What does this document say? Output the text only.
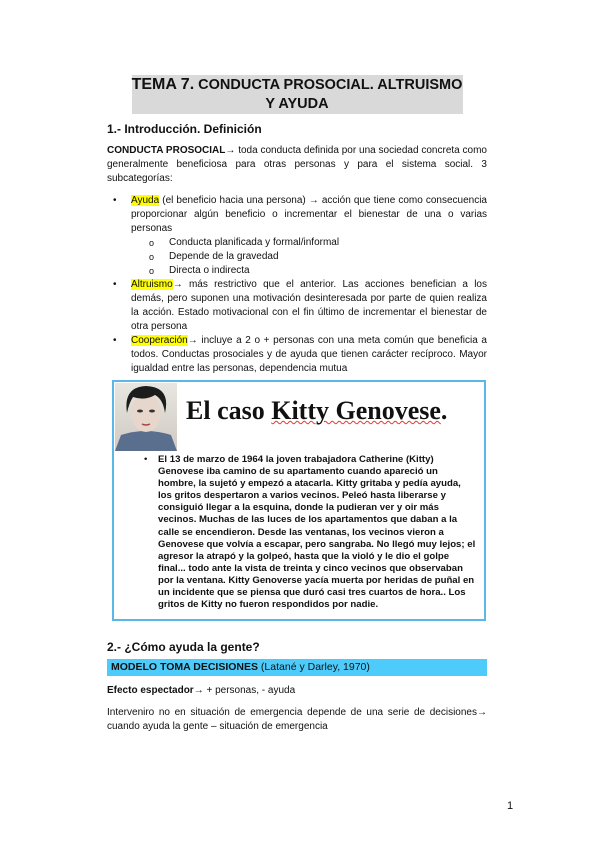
TEMA 7. CONDUCTA PROSOCIAL. ALTRUISMO Y AYUDA
1.- Introducción. Definición
CONDUCTA PROSOCIAL→ toda conducta definida por una sociedad concreta como generalmente beneficiosa para otras personas y para el sistema social. 3 subcategorías:
• Ayuda (el beneficio hacia una persona) → acción que tiene como consecuencia proporcionar algún beneficio o incrementar el bienestar de una o varias personas
o Conducta planificada y formal/informal
o Depende de la gravedad
o Directa o indirecta
• Altruismo→ más restrictivo que el anterior. Las acciones benefician a los demás, pero suponen una motivación desinteresada por parte de quien realiza la acción. Estado motivacional con el fin último de incrementar el bienestar de otra persona
• Cooperación→ incluye a 2 o + personas con una meta común que beneficia a todos. Conductas prosociales y de ayuda que tienen carácter recíproco. Mayor igualdad entre las personas, dependencia mutua
El caso Kitty Genovese.
• El 13 de marzo de 1964 la joven trabajadora Catherine (Kitty) Genovese iba camino de su apartamento cuando apareció un hombre, la sujetó y empezó a atacarla. Kitty gritaba y pedía ayuda, los gritos despertaron a varios vecinos. Peleó hasta liberarse y consiguió llegar a la esquina, donde la pudieran ver y oir más vecinos. Muchas de las luces de los apartamentos que daban a la calle se encendieron. Desde las ventanas, los vecinos vieron a Genovese que volvía a escapar, pero sangraba. No llegó muy lejos; el agresor la atrapó y la golpeó, hasta que la violó y le dio el golpe final... todo ante la vista de treinta y cinco vecinos que observaban por la ventana. Kitty Genoverse yacía muerta por heridas de puñal en un incidente que se piensa que duró casi tres cuartos de hora.. Los gritos de Kitty no fueron respondidos por nadie.
2.- ¿Cómo ayuda la gente?
MODELO TOMA DECISIONES (Latané y Darley, 1970)
Efecto espectador→ + personas, - ayuda
Interveniro no en situación de emergencia depende de una serie de decisiones→ cuando ayuda la gente – situación de emergencia
1
